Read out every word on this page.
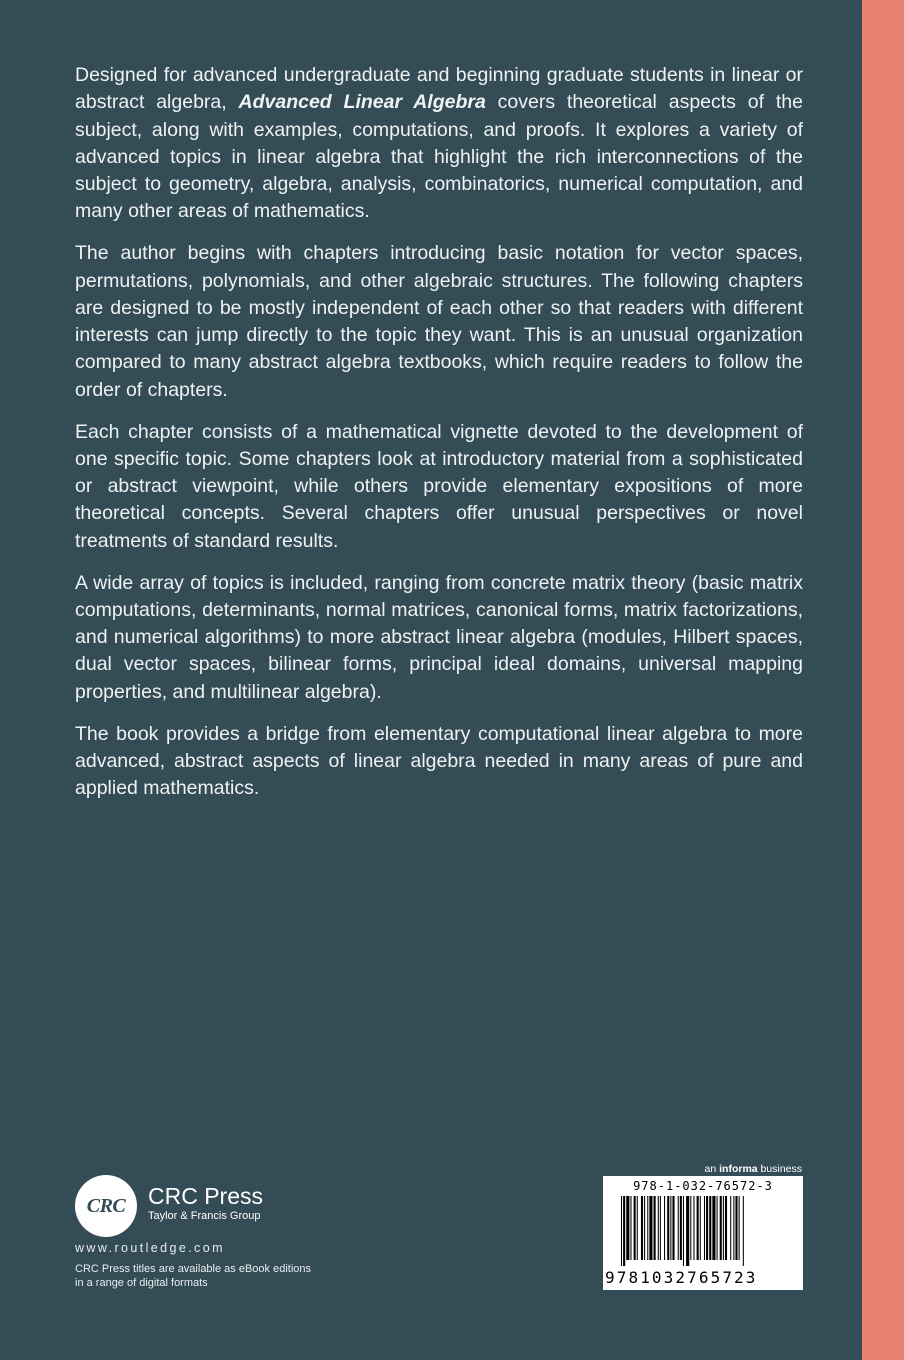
Designed for advanced undergraduate and beginning graduate students in linear or abstract algebra, Advanced Linear Algebra covers theoretical aspects of the subject, along with examples, computations, and proofs. It explores a variety of advanced topics in linear algebra that highlight the rich interconnections of the subject to geometry, algebra, analysis, combinatorics, numerical computation, and many other areas of mathematics.

The author begins with chapters introducing basic notation for vector spaces, permutations, polynomials, and other algebraic structures. The following chapters are designed to be mostly independent of each other so that readers with different interests can jump directly to the topic they want. This is an unusual organization compared to many abstract algebra textbooks, which require readers to follow the order of chapters.

Each chapter consists of a mathematical vignette devoted to the development of one specific topic. Some chapters look at introductory material from a sophisticated or abstract viewpoint, while others provide elementary expositions of more theoretical concepts. Several chapters offer unusual perspectives or novel treatments of standard results.

A wide array of topics is included, ranging from concrete matrix theory (basic matrix computations, determinants, normal matrices, canonical forms, matrix factorizations, and numerical algorithms) to more abstract linear algebra (modules, Hilbert spaces, dual vector spaces, bilinear forms, principal ideal domains, universal mapping properties, and multilinear algebra).

The book provides a bridge from elementary computational linear algebra to more advanced, abstract aspects of linear algebra needed in many areas of pure and applied mathematics.

CRC CRC Press
Taylor & Francis Group
www.routledge.com
CRC Press titles are available as eBook editions in a range of digital formats
an informa business
978-1-032-76572-3
9781032765723
